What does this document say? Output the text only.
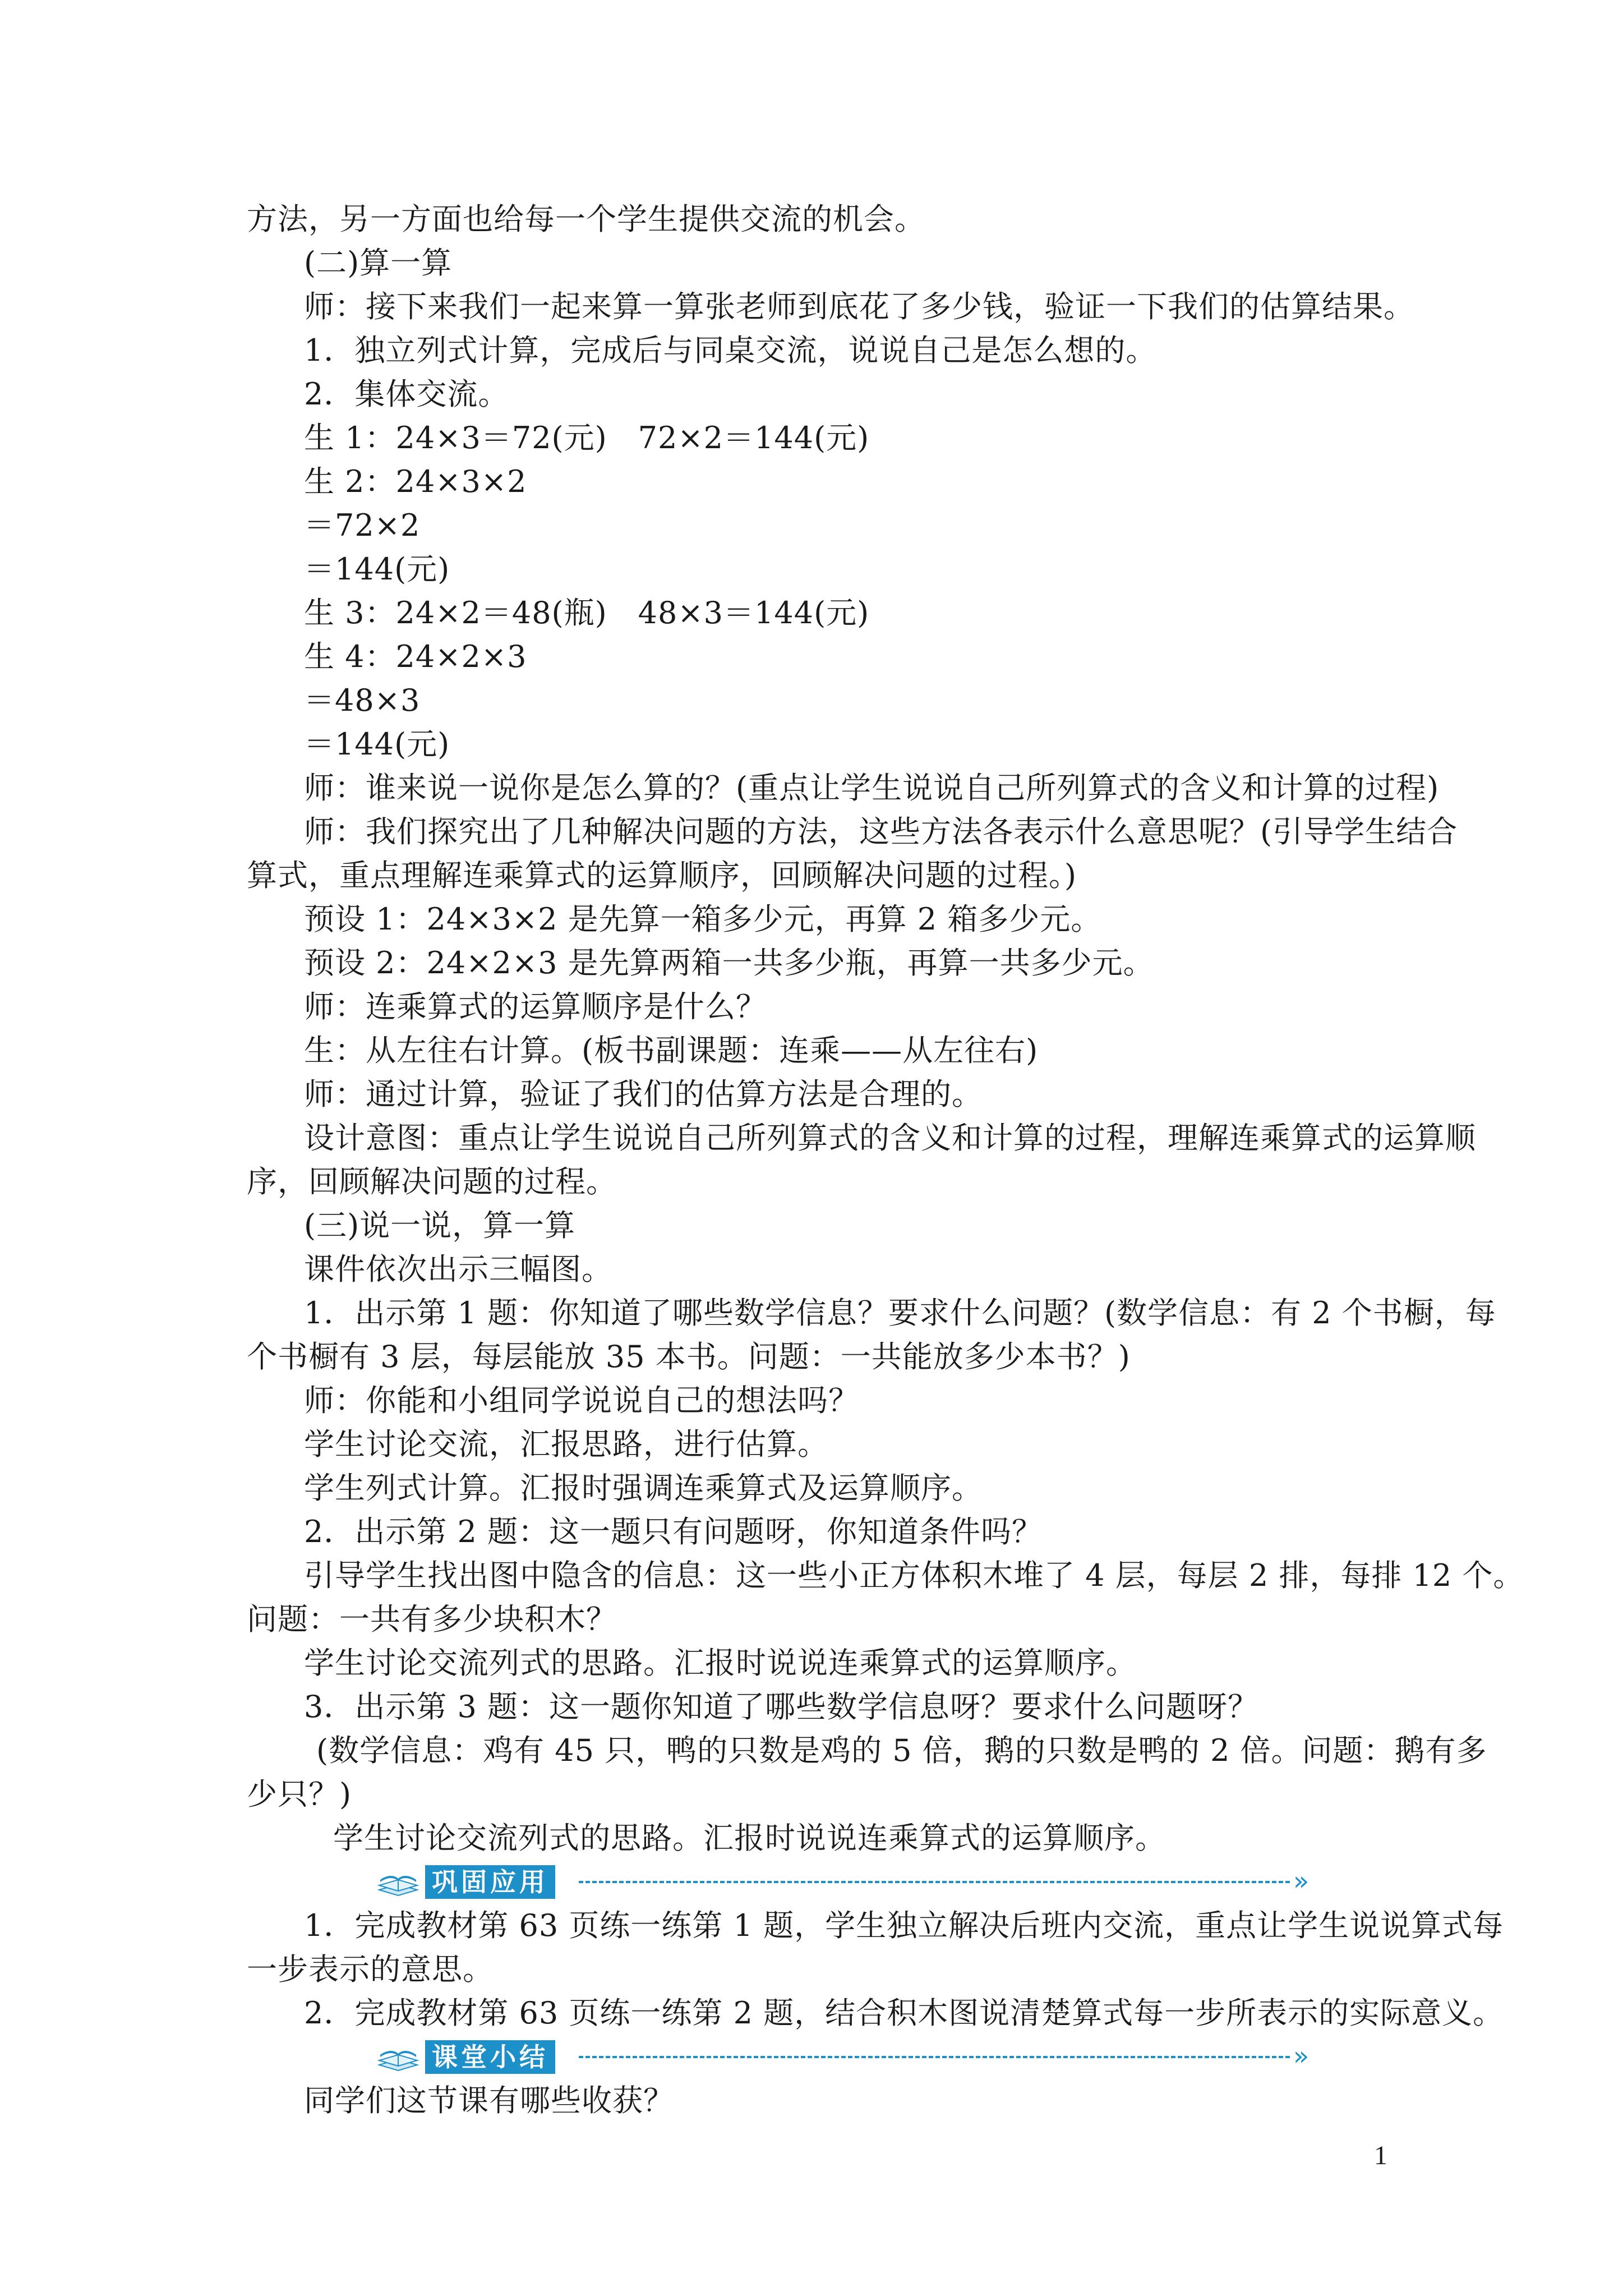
方法，另一方面也给每一个学生提供交流的机会。
(二)算一算
师：接下来我们一起来算一算张老师到底花了多少钱，验证一下我们的估算结果。
1．独立列式计算，完成后与同桌交流，说说自己是怎么想的。
2．集体交流。
生 1：24×3＝72(元)　72×2＝144(元)
生 2：24×3×2
＝72×2
＝144(元)
生 3：24×2＝48(瓶)　48×3＝144(元)
生 4：24×2×3
＝48×3
＝144(元)
师：谁来说一说你是怎么算的？(重点让学生说说自己所列算式的含义和计算的过程)
师：我们探究出了几种解决问题的方法，这些方法各表示什么意思呢？(引导学生结合
算式，重点理解连乘算式的运算顺序，回顾解决问题的过程。)
预设 1：24×3×2 是先算一箱多少元，再算 2 箱多少元。
预设 2：24×2×3 是先算两箱一共多少瓶，再算一共多少元。
师：连乘算式的运算顺序是什么？
生：从左往右计算。(板书副课题：连乘——从左往右)
师：通过计算，验证了我们的估算方法是合理的。
设计意图：重点让学生说说自己所列算式的含义和计算的过程，理解连乘算式的运算顺
序，回顾解决问题的过程。
(三)说一说，算一算
课件依次出示三幅图。
1．出示第 1 题：你知道了哪些数学信息？要求什么问题？(数学信息：有 2 个书橱，每
个书橱有 3 层，每层能放 35 本书。问题：一共能放多少本书？)
师：你能和小组同学说说自己的想法吗？
学生讨论交流，汇报思路，进行估算。
学生列式计算。汇报时强调连乘算式及运算顺序。
2．出示第 2 题：这一题只有问题呀，你知道条件吗？
引导学生找出图中隐含的信息：这一些小正方体积木堆了 4 层，每层 2 排，每排 12 个。
问题：一共有多少块积木？
学生讨论交流列式的思路。汇报时说说连乘算式的运算顺序。
3．出示第 3 题：这一题你知道了哪些数学信息呀？要求什么问题呀？
(数学信息：鸡有 45 只，鸭的只数是鸡的 5 倍，鹅的只数是鸭的 2 倍。问题：鹅有多
少只？)
学生讨论交流列式的思路。汇报时说说连乘算式的运算顺序。
巩固应用	»
1．完成教材第 63 页练一练第 1 题，学生独立解决后班内交流，重点让学生说说算式每
一步表示的意思。
2．完成教材第 63 页练一练第 2 题，结合积木图说清楚算式每一步所表示的实际意义。
课堂小结	»
同学们这节课有哪些收获？
1
